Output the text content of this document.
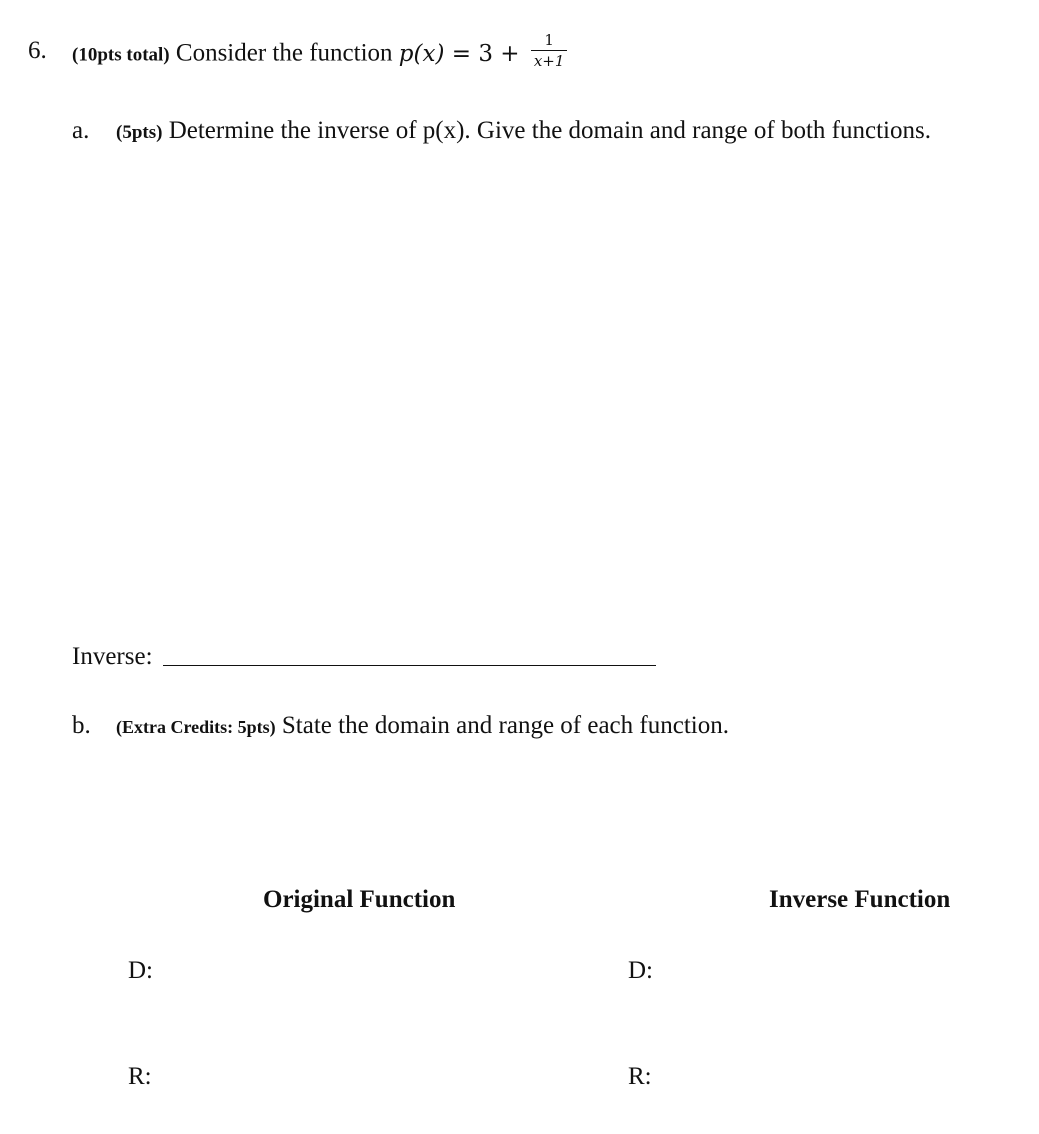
6. (10pts total) Consider the function $p(x) = 3 + \frac{1}{x+1}$
a. (5pts) Determine the inverse of p(x). Give the domain and range of both functions.
Inverse:
b. (Extra Credits: 5pts) State the domain and range of each function.
Original Function	Inverse Function
D:	D:
R:	R:
